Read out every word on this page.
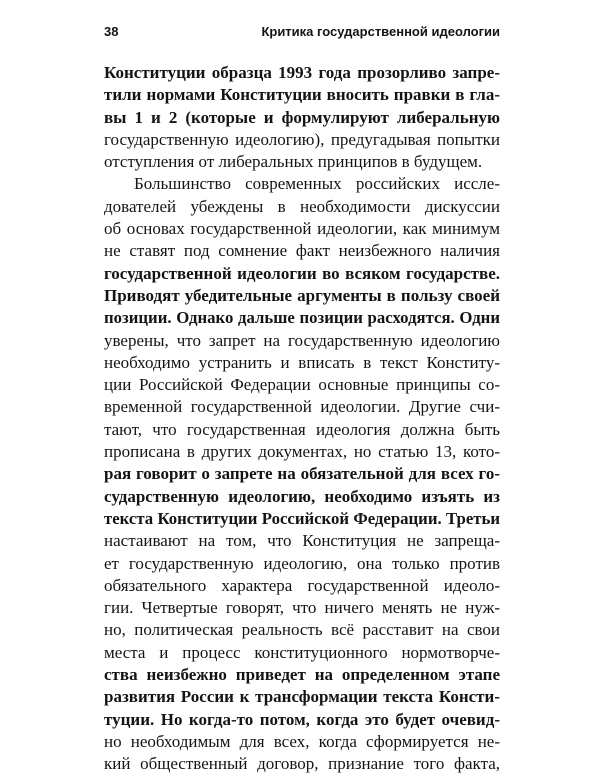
38	Критика государственной идеологии
Конституции образца 1993 года прозорливо запре-
тили нормами Конституции вносить правки в гла-
вы 1 и 2 (которые и формулируют либеральную
государственную идеологию), предугадывая попытки
отступления от либеральных принципов в будущем.
Большинство современных российских иссле-
дователей убеждены в необходимости дискуссии
об основах государственной идеологии, как минимум
не ставят под сомнение факт неизбежного наличия
государственной идеологии во всяком государстве.
Приводят убедительные аргументы в пользу своей
позиции. Однако дальше позиции расходятся. Одни
уверены, что запрет на государственную идеологию
необходимо устранить и вписать в текст Конститу-
ции Российской Федерации основные принципы со-
временной государственной идеологии. Другие счи-
тают, что государственная идеология должна быть
прописана в других документах, но статью 13, кото-
рая говорит о запрете на обязательной для всех го-
сударственную идеологию, необходимо изъять из
текста Конституции Российской Федерации. Третьи
настаивают на том, что Конституция не запреща-
ет государственную идеологию, она только против
обязательного характера государственной идеоло-
гии. Четвертые говорят, что ничего менять не нуж-
но, политическая реальность всё расставит на свои
места и процесс конституционного нормотворче-
ства неизбежно приведет на определенном этапе
развития России к трансформации текста Консти-
туции. Но когда-то потом, когда это будет очевид-
но необходимым для всех, когда сформируется не-
кий общественный договор, признание того факта,
